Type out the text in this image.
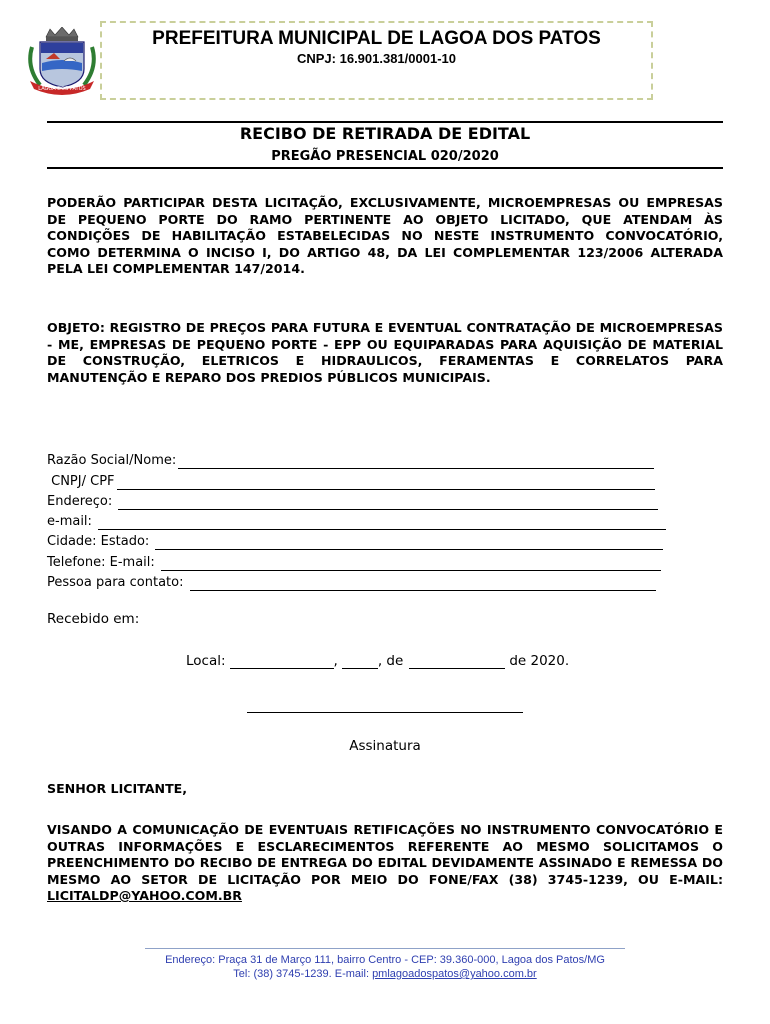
LAGOA DOS PATOS
PREFEITURA MUNICIPAL DE LAGOA DOS PATOS
CNPJ: 16.901.381/0001-10
RECIBO DE RETIRADA DE EDITAL
PREGÃO PRESENCIAL 020/2020

PODERÃO PARTICIPAR DESTA LICITAÇÃO, EXCLUSIVAMENTE, MICROEMPRESAS OU EMPRESAS DE PEQUENO PORTE DO RAMO PERTINENTE AO OBJETO LICITADO, QUE ATENDAM ÀS CONDIÇÕES DE HABILITAÇÃO ESTABELECIDAS NO NESTE INSTRUMENTO CONVOCATÓRIO, COMO DETERMINA O INCISO I, DO ARTIGO 48, DA LEI COMPLEMENTAR 123/2006 ALTERADA PELA LEI COMPLEMENTAR 147/2014.

OBJETO: REGISTRO DE PREÇOS PARA FUTURA E EVENTUAL CONTRATAÇÃO DE MICROEMPRESAS - ME, EMPRESAS DE PEQUENO PORTE - EPP OU EQUIPARADAS PARA AQUISIÇÃO DE MATERIAL DE CONSTRUÇÃO, ELETRICOS E HIDRAULICOS, FERAMENTAS E CORRELATOS PARA MANUTENÇÃO E REPARO DOS PREDIOS PÚBLICOS MUNICIPAIS.

Razão Social/Nome:
CNPJ/ CPF
Endereço:
e-mail:
Cidade: Estado:
Telefone: E-mail:
Pessoa para contato:
Recebido em:
Local:	,	, de	de 2020.
Assinatura
SENHOR LICITANTE,

VISANDO A COMUNICAÇÃO DE EVENTUAIS RETIFICAÇÕES NO INSTRUMENTO CONVOCATÓRIO E OUTRAS INFORMAÇÕES E ESCLARECIMENTOS REFERENTE AO MESMO SOLICITAMOS O PREENCHIMENTO DO RECIBO DE ENTREGA DO EDITAL DEVIDAMENTE ASSINADO E REMESSA DO MESMO AO SETOR DE LICITAÇÃO POR MEIO DO FONE/FAX (38) 3745-1239, OU E-MAIL: LICITALDP@YAHOO.COM.BR

Endereço: Praça 31 de Março 111, bairro Centro - CEP: 39.360-000, Lagoa dos Patos/MG
Tel: (38) 3745-1239. E-mail: pmlagoadospatos@yahoo.com.br
